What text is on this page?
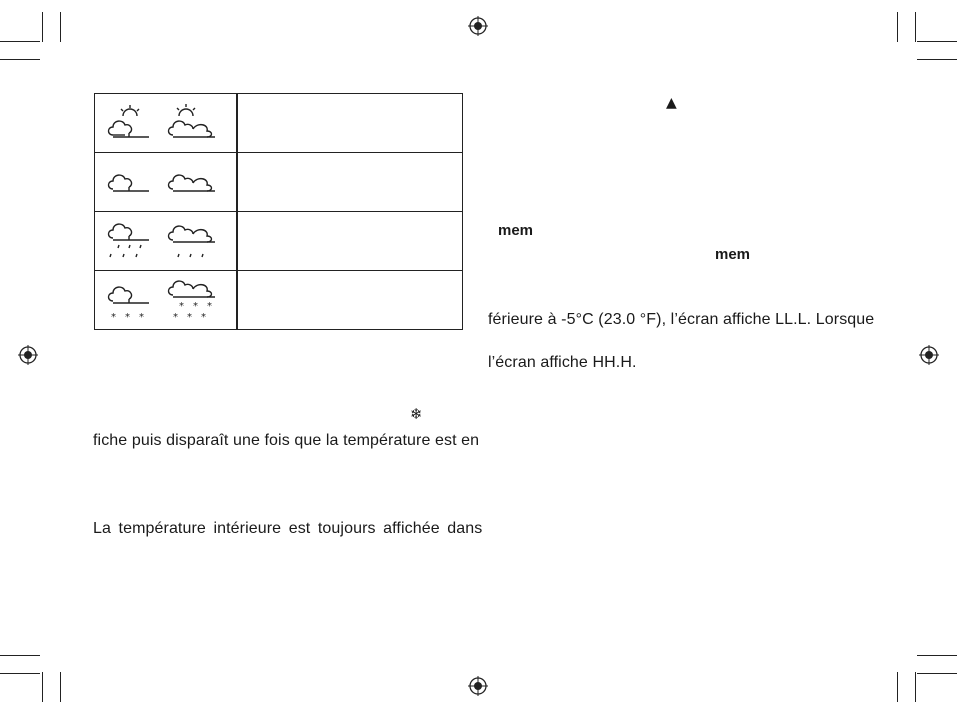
* * *
* * *
* * *
❄
fiche puis disparaît une fois que la température est en
La température intérieure est toujours affichée dans
▲
mem
mem
férieure à -5°C (23.0 °F), l’écran affiche LL.L. Lorsque
l’écran affiche HH.H.
